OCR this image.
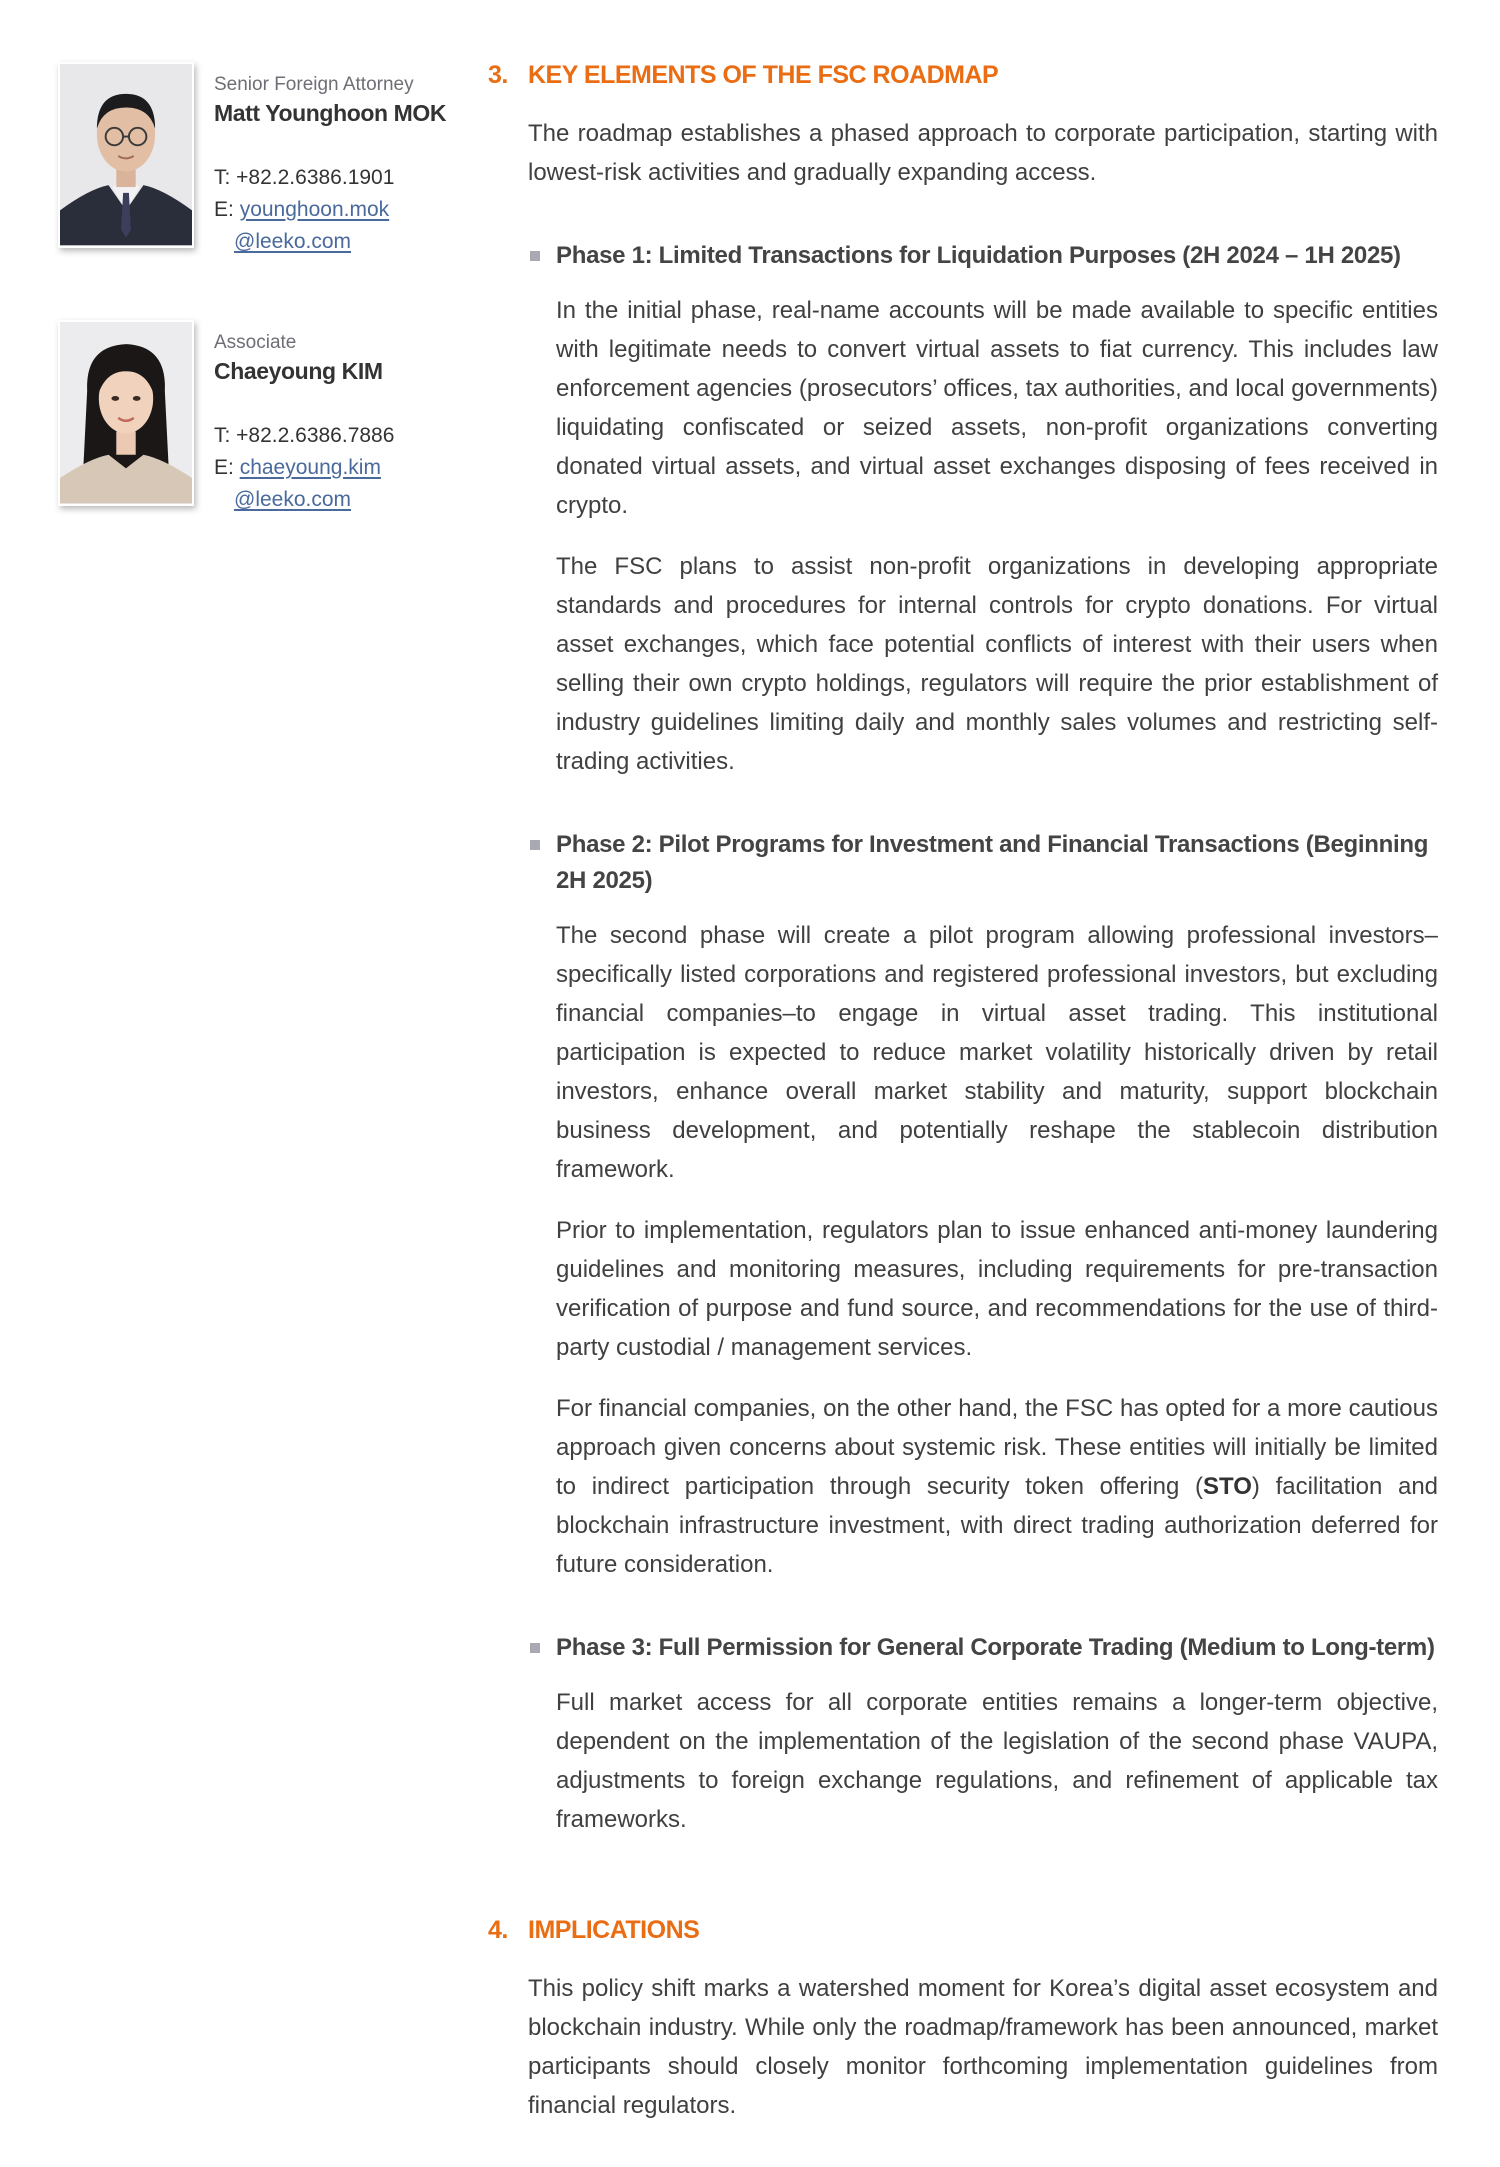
Senior Foreign Attorney
Matt Younghoon MOK
T: +82.2.6386.1901
E: younghoon.mok
@leeko.com
Associate
Chaeyoung KIM
T: +82.2.6386.7886
E: chaeyoung.kim
@leeko.com
3. KEY ELEMENTS OF THE FSC ROADMAP

The roadmap establishes a phased approach to corporate participation, starting with lowest-risk activities and gradually expanding access.

Phase 1: Limited Transactions for Liquidation Purposes (2H 2024 – 1H 2025)

In the initial phase, real-name accounts will be made available to specific entities with legitimate needs to convert virtual assets to fiat currency. This includes law enforcement agencies (prosecutors’ offices, tax authorities, and local governments) liquidating confiscated or seized assets, non-profit organizations converting donated virtual assets, and virtual asset exchanges disposing of fees received in crypto.

The FSC plans to assist non-profit organizations in developing appropriate standards and procedures for internal controls for crypto donations. For virtual asset exchanges, which face potential conflicts of interest with their users when selling their own crypto holdings, regulators will require the prior establishment of industry guidelines limiting daily and monthly sales volumes and restricting self-trading activities.

Phase 2: Pilot Programs for Investment and Financial Transactions (Beginning 2H 2025)

The second phase will create a pilot program allowing professional investors–specifically listed corporations and registered professional investors, but excluding financial companies–to engage in virtual asset trading. This institutional participation is expected to reduce market volatility historically driven by retail investors, enhance overall market stability and maturity, support blockchain business development, and potentially reshape the stablecoin distribution framework.

Prior to implementation, regulators plan to issue enhanced anti-money laundering guidelines and monitoring measures, including requirements for pre-transaction verification of purpose and fund source, and recommendations for the use of third-party custodial / management services.

For financial companies, on the other hand, the FSC has opted for a more cautious approach given concerns about systemic risk. These entities will initially be limited to indirect participation through security token offering (STO) facilitation and blockchain infrastructure investment, with direct trading authorization deferred for future consideration.

Phase 3: Full Permission for General Corporate Trading (Medium to Long-term)

Full market access for all corporate entities remains a longer-term objective, dependent on the implementation of the legislation of the second phase VAUPA, adjustments to foreign exchange regulations, and refinement of applicable tax frameworks.

4. IMPLICATIONS

This policy shift marks a watershed moment for Korea’s digital asset ecosystem and blockchain industry. While only the roadmap/framework has been announced, market participants should closely monitor forthcoming implementation guidelines from financial regulators.
